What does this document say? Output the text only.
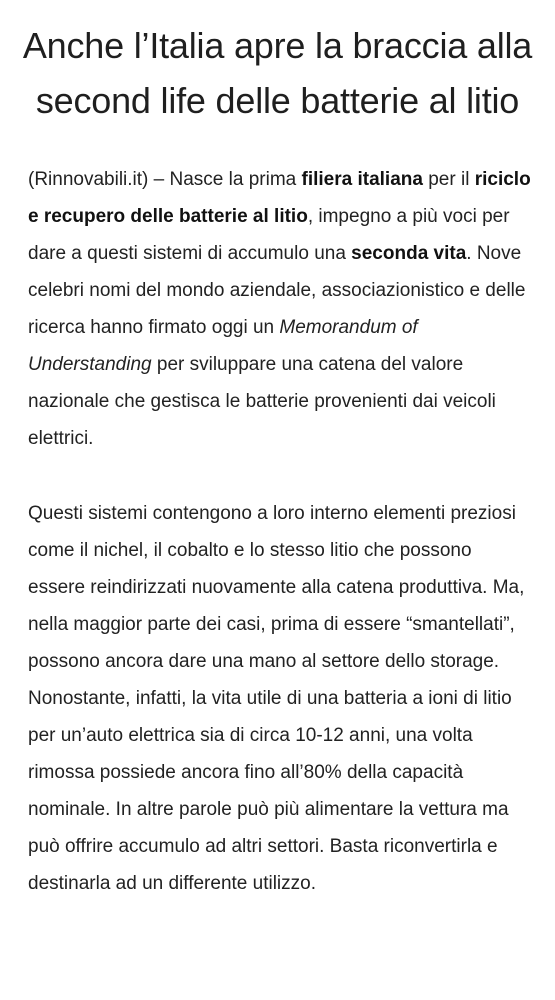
Anche l’Italia apre la braccia alla second life delle batterie al litio

(Rinnovabili.it) – Nasce la prima filiera italiana per il riciclo e recupero delle batterie al litio, impegno a più voci per dare a questi sistemi di accumulo una seconda vita. Nove celebri nomi del mondo aziendale, associazionistico e delle ricerca hanno firmato oggi un Memorandum of Understanding per sviluppare una catena del valore nazionale che gestisca le batterie provenienti dai veicoli elettrici.

Questi sistemi contengono a loro interno elementi preziosi come il nichel, il cobalto e lo stesso litio che possono essere reindirizzati nuovamente alla catena produttiva. Ma, nella maggior parte dei casi, prima di essere “smantellati”, possono ancora dare una mano al settore dello storage. Nonostante, infatti, la vita utile di una batteria a ioni di litio per un’auto elettrica sia di circa 10-12 anni, una volta rimossa possiede ancora fino all’80% della capacità nominale. In altre parole può più alimentare la vettura ma può offrire accumulo ad altri settori. Basta riconvertirla e destinarla ad un differente utilizzo.
